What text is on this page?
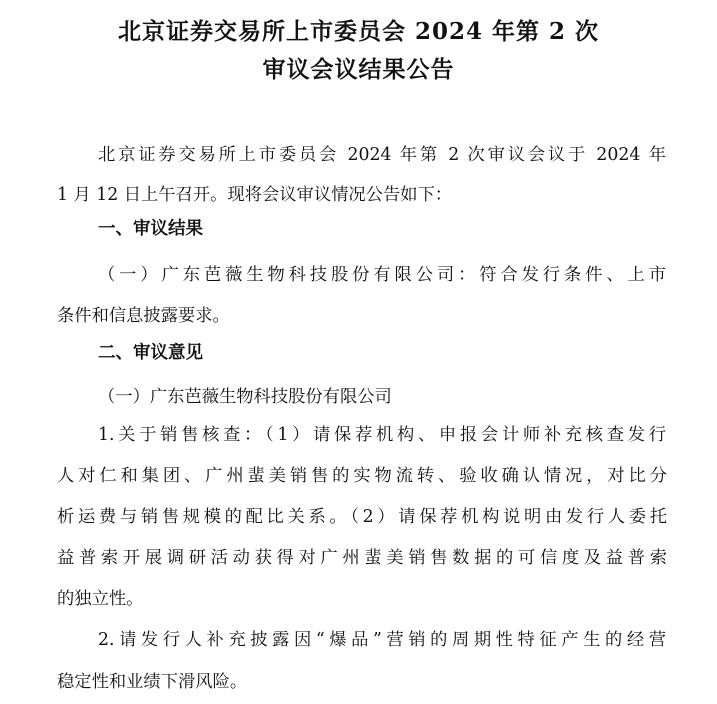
北京证券交易所上市委员会 2024 年第 2 次
审议会议结果公告
北京证券交易所上市委员会 2024 年第 2 次审议会议于 2024 年
1 月 12 日上午召开。现将会议审议情况公告如下：
一、审议结果
（一）广东芭薇生物科技股份有限公司：符合发行条件、上市
条件和信息披露要求。
二、审议意见
（一）广东芭薇生物科技股份有限公司
1.关于销售核查：（1）请保荐机构、申报会计师补充核查发行
人对仁和集团、广州蜚美销售的实物流转、验收确认情况，对比分
析运费与销售规模的配比关系。（2）请保荐机构说明由发行人委托
益普索开展调研活动获得对广州蜚美销售数据的可信度及益普索
的独立性。
2.请发行人补充披露因“爆品”营销的周期性特征产生的经营
稳定性和业绩下滑风险。
